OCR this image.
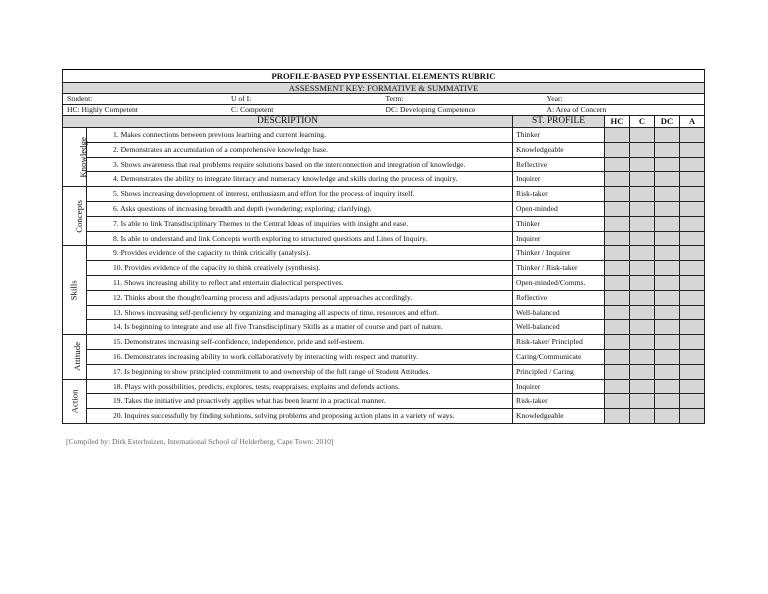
PROFILE-BASED PYP ESSENTIAL ELEMENTS RUBRIC						
ASSESSMENT KEY: FORMATIVE & SUMMATIVE						

Student: U of I: Term:		Year:				

HC: Highly Competent C: Competent DC: Developing Competence		A: Area of Concern				
DESCRIPTION		ST. PROFILE	HC	C	DC	A
Knowledge	1. Makes connections between previous learning and current learning.	Thinker				
	2. Demonstrates an accumulation of a comprehensive knowledge base.	Knowledgeable				
	3. Shows awareness that real problems require solutions based on the interconnection and integration of knowledge.	Reflective				
	4. Demonstrates the ability to integrate literacy and numeracy knowledge and skills during the process of inquiry.	Inquirer				
Concepts	5. Shows increasing development of interest, enthusiasm and effort for the process of inquiry itself.	Risk-taker				
	6. Asks questions of increasing breadth and depth (wondering; exploring; clarifying).	Open-minded				
	7. Is able to link Transdisciplinary Themes to the Central Ideas of inquiries with insight and ease.	Thinker				
	8. Is able to understand and link Concepts worth exploring to structured questions and Lines of Inquiry.	Inquirer				
Skills	9. Provides evidence of the capacity to think critically (analysis).	Thinker / Inquirer				
	10. Provides evidence of the capacity to think creatively (synthesis).	Thinker / Risk-taker				
	11. Shows increasing ability to reflect and entertain dialectical perspectives.	Open-minded/Comms.				
	12. Thinks about the thought/learning process and adjusts/adapts personal approaches accordingly.	Reflective				
	13. Shows increasing self-proficiency by organizing and managing all aspects of time, resources and effort.	Well-balanced				
	14. Is beginning to integrate and use all five Transdisciplinary Skills as a matter of course and part of nature.	Well-balanced				
Attitude	15. Demonstrates increasing self-confidence, independence, pride and self-esteem.	Risk-taker/ Principled				
	16. Demonstrates increasing ability to work collaboratively by interacting with respect and maturity.	Caring/Communicate				
	17. Is beginning to show principled commitment to and ownership of the full range of Student Attitudes.	Principled / Caring				
Action	18. Plays with possibilities, predicts, explores, tests, reappraises, explains and defends actions.	Inquirer				
	19. Takes the initiative and proactively applies what has been learnt in a practical manner.	Risk-taker				
	20. Inquires successfully by finding solutions, solving problems and proposing action plans in a variety of ways.	Knowledgeable				
[Compiled by: Dirk Esterhuizen, International School of Helderberg, Cape Town: 2010]
